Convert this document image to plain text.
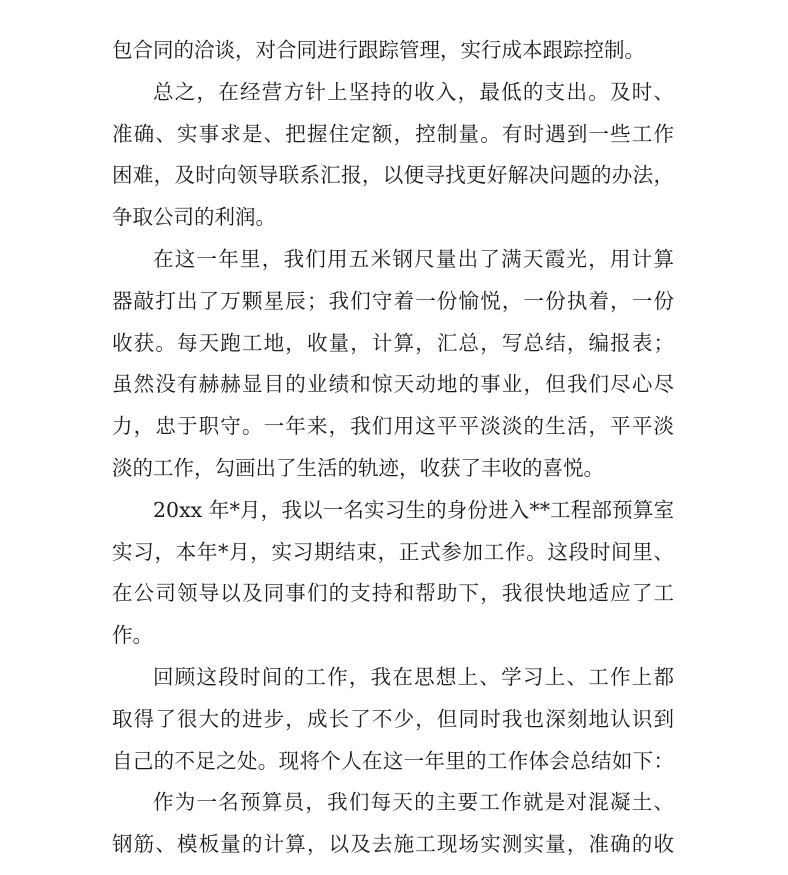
包合同的洽谈，对合同进行跟踪管理，实行成本跟踪控制。
总之，在经营方针上坚持的收入，最低的支出。及时、
准确、实事求是、把握住定额，控制量。有时遇到一些工作
困难，及时向领导联系汇报，以便寻找更好解决问题的办法，
争取公司的利润。
在这一年里，我们用五米钢尺量出了满天霞光，用计算
器敲打出了万颗星辰；我们守着一份愉悦，一份执着，一份
收获。每天跑工地，收量，计算，汇总，写总结，编报表；
虽然没有赫赫显目的业绩和惊天动地的事业，但我们尽心尽
力，忠于职守。一年来，我们用这平平淡淡的生活，平平淡
淡的工作，勾画出了生活的轨迹，收获了丰收的喜悦。
20xx 年*月，我以一名实习生的身份进入**工程部预算室
实习，本年*月，实习期结束，正式参加工作。这段时间里、
在公司领导以及同事们的支持和帮助下，我很快地适应了工
作。
回顾这段时间的工作，我在思想上、学习上、工作上都
取得了很大的进步，成长了不少，但同时我也深刻地认识到
自己的不足之处。现将个人在这一年里的工作体会总结如下：
作为一名预算员，我们每天的主要工作就是对混凝土、
钢筋、模板量的计算，以及去施工现场实测实量，准确的收
